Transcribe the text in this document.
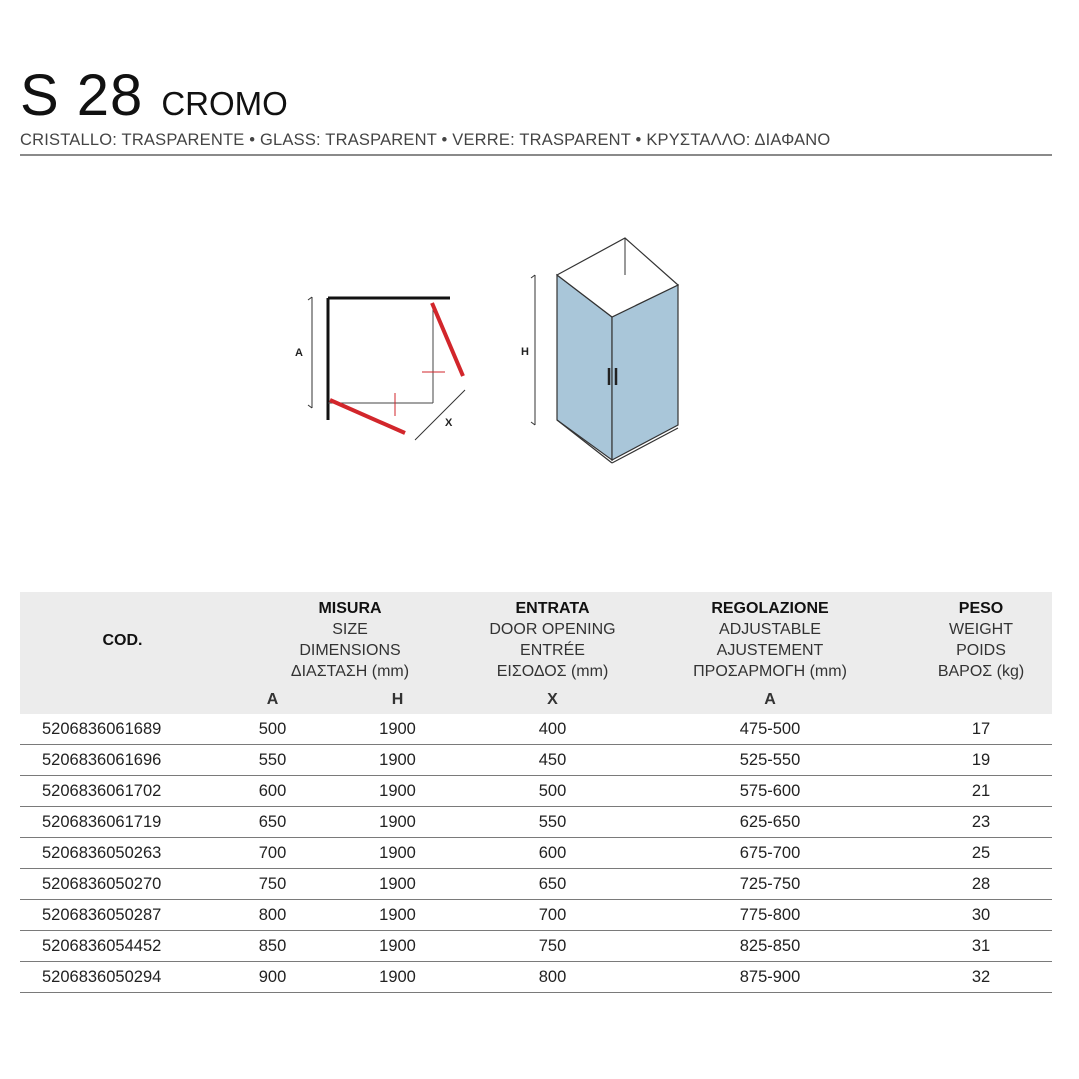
S 28 CROMO
CRISTALLO: TRASPARENTE • GLASS: TRASPARENT • VERRE: TRASPARENT • ΚΡΥΣΤΑΛΛΟ: ΔΙΑΦΑΝΟ
A
X
H
COD.	MISURA
SIZE
DIMENSIONS
ΔΙΑΣΤΑΣΗ (mm)		ENTRATA
DOOR OPENING
ENTRÉE
ΕΙΣΟΔΟΣ (mm)	REGOLAZIONE
ADJUSTABLE
AJUSTEMENT
ΠΡΟΣΑΡΜΟΓΗ (mm)	PESO
WEIGHT
POIDS
ΒΑΡΟΣ (kg)

	A	H	X	A	
5206836061689	500	1900	400	475-500	17
5206836061696	550	1900	450	525-550	19
5206836061702	600	1900	500	575-600	21
5206836061719	650	1900	550	625-650	23
5206836050263	700	1900	600	675-700	25
5206836050270	750	1900	650	725-750	28
5206836050287	800	1900	700	775-800	30
5206836054452	850	1900	750	825-850	31
5206836050294	900	1900	800	875-900	32
